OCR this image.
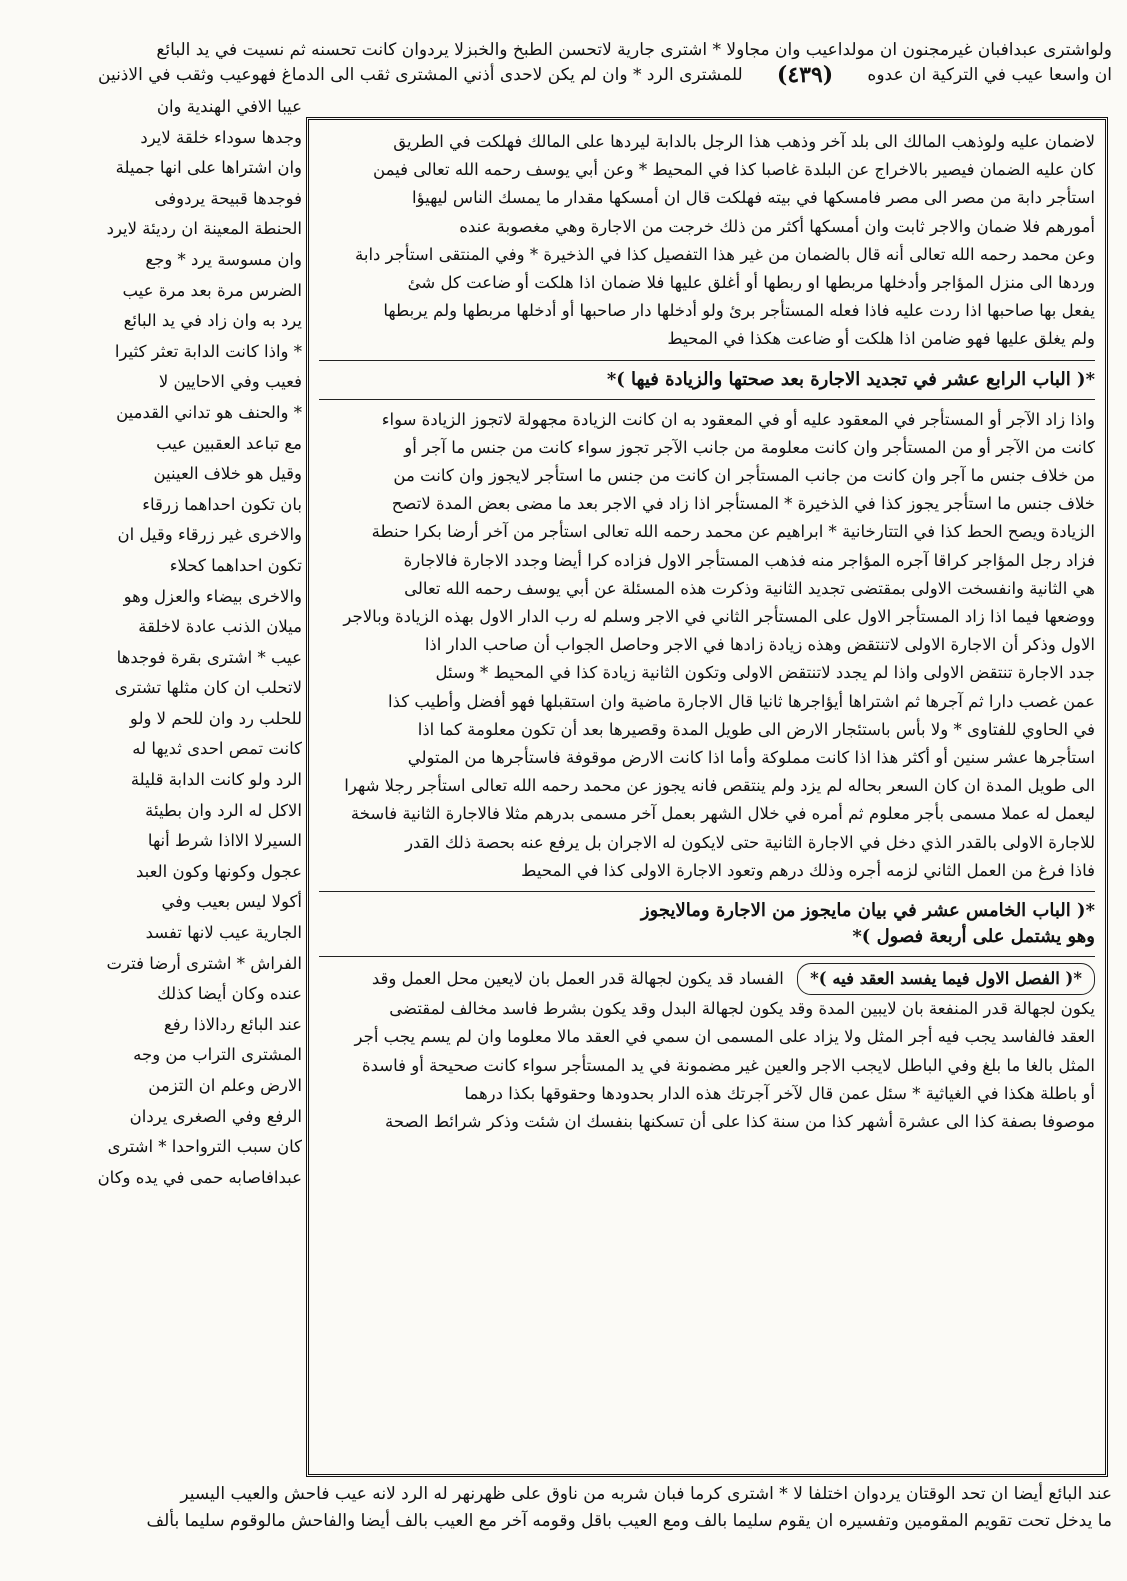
ولواشترى عبدافبان غيرمجنون ان مولداعيب وان مجاولا * اشترى جارية لاتحسن الطبخ والخبزلا يردوان كانت تحسنه ثم نسيت في يد البائع
للمشترى الرد * وان لم يكن لاحدى أذني المشترى ثقب الى الدماغ فهوعيب وثقب في الاذنين	(٤٣٩)	ان واسعا عيب في التركية ان عدوه
عيبا الافي الهندية وان
وجدها سوداء خلقة لايرد
وان اشتراها على انها جميلة
فوجدها قبيحة يردوفى
الحنطة المعينة ان رديئة لايرد
وان مسوسة يرد * وجع
الضرس مرة بعد مرة عيب
يرد به وان زاد في يد البائع
* واذا كانت الدابة تعثر كثيرا
فعيب وفي الاحايين لا
* والحنف هو تداني القدمين
مع تباعد العقبين عيب
وقيل هو خلاف العينين
بان تكون احداهما زرقاء
والاخرى غير زرقاء وقيل ان
تكون احداهما كحلاء
والاخرى بيضاء والعزل وهو
ميلان الذنب عادة لاخلقة
عيب * اشترى بقرة فوجدها
لاتحلب ان كان مثلها تشترى
للحلب رد وان للحم لا ولو
كانت تمص احدى ثديها له
الرد ولو كانت الدابة قليلة
الاكل له الرد وان بطيئة
السيرلا الااذا شرط أنها
عجول وكونها وكون العبد
أكولا ليس بعيب وفي
الجارية عيب لانها تفسد
الفراش * اشترى أرضا فترت
عنده وكان أيضا كذلك
عند البائع ردالاذا رفع
المشترى التراب من وجه
الارض وعلم ان التزمن
الرفع وفي الصغرى يردان
كان سبب الترواحدا * اشترى
عبدافاصابه حمى في يده وكان
لاضمان عليه ولوذهب المالك الى بلد آخر وذهب هذا الرجل بالدابة ليردها على المالك فهلكت في الطريق
كان عليه الضمان فيصير بالاخراج عن البلدة غاصبا كذا في المحيط * وعن أبي يوسف رحمه الله تعالى فيمن
استأجر دابة من مصر الى مصر فامسكها في بيته فهلكت قال ان أمسكها مقدار ما يمسك الناس ليهيؤا
أمورهم فلا ضمان والاجر ثابت وان أمسكها أكثر من ذلك خرجت من الاجارة وهي مغصوبة عنده
وعن محمد رحمه الله تعالى أنه قال بالضمان من غير هذا التفصيل كذا في الذخيرة * وفي المنتقى استأجر دابة
وردها الى منزل المؤاجر وأدخلها مربطها او ربطها أو أغلق عليها فلا ضمان اذا هلكت أو ضاعت كل شئ
يفعل بها صاحبها اذا ردت عليه فاذا فعله المستأجر برئ ولو أدخلها دار صاحبها أو أدخلها مربطها ولم يربطها
ولم يغلق عليها فهو ضامن اذا هلكت أو ضاعت هكذا في المحيط
*( الباب الرابع عشر في تجديد الاجارة بعد صحتها والزيادة فيها )*
واذا زاد الآجر أو المستأجر في المعقود عليه أو في المعقود به ان كانت الزيادة مجهولة لاتجوز الزيادة سواء
كانت من الآجر أو من المستأجر وان كانت معلومة من جانب الآجر تجوز سواء كانت من جنس ما آجر أو
من خلاف جنس ما آجر وان كانت من جانب المستأجر ان كانت من جنس ما استأجر لايجوز وان كانت من
خلاف جنس ما استأجر يجوز كذا في الذخيرة * المستأجر اذا زاد في الاجر بعد ما مضى بعض المدة لاتصح
الزيادة ويصح الحط كذا في التتارخانية * ابراهيم عن محمد رحمه الله تعالى استأجر من آخر أرضا بكرا حنطة
فزاد رجل المؤاجر كراقا آجره المؤاجر منه فذهب المستأجر الاول فزاده كرا أيضا وجدد الاجارة فالاجارة
هي الثانية وانفسخت الاولى بمقتضى تجديد الثانية وذكرت هذه المسئلة عن أبي يوسف رحمه الله تعالى
ووضعها فيما اذا زاد المستأجر الاول على المستأجر الثاني في الاجر وسلم له رب الدار الاول بهذه الزيادة وبالاجر
الاول وذكر أن الاجارة الاولى لاتنتقض وهذه زيادة زادها في الاجر وحاصل الجواب أن صاحب الدار اذا
جدد الاجارة تنتقض الاولى واذا لم يجدد لاتنتقض الاولى وتكون الثانية زيادة كذا في المحيط * وسئل
عمن غصب دارا ثم آجرها ثم اشتراها أيؤاجرها ثانيا قال الاجارة ماضية وان استقبلها فهو أفضل وأطيب كذا
في الحاوي للفتاوى * ولا بأس باستئجار الارض الى طويل المدة وقصيرها بعد أن تكون معلومة كما اذا
استأجرها عشر سنين أو أكثر هذا اذا كانت مملوكة وأما اذا كانت الارض موقوفة فاستأجرها من المتولي
الى طويل المدة ان كان السعر بحاله لم يزد ولم ينتقص فانه يجوز عن محمد رحمه الله تعالى استأجر رجلا شهرا
ليعمل له عملا مسمى بأجر معلوم ثم أمره في خلال الشهر بعمل آخر مسمى بدرهم مثلا فالاجارة الثانية فاسخة
للاجارة الاولى بالقدر الذي دخل في الاجارة الثانية حتى لايكون له الاجران بل يرفع عنه بحصة ذلك القدر
فاذا فرغ من العمل الثاني لزمه أجره وذلك درهم وتعود الاجارة الاولى كذا في المحيط
*( الباب الخامس عشر في بيان مايجوز من الاجارة ومالايجوز
وهو يشتمل على أربعة فصول )*
*( الفصل الاول فيما يفسد العقد فيه )* الفساد قد يكون لجهالة قدر العمل بان لايعين محل العمل وقد
يكون لجهالة قدر المنفعة بان لايبين المدة وقد يكون لجهالة البدل وقد يكون بشرط فاسد مخالف لمقتضى
العقد فالفاسد يجب فيه أجر المثل ولا يزاد على المسمى ان سمي في العقد مالا معلوما وان لم يسم يجب أجر
المثل بالغا ما بلغ وفي الباطل لايجب الاجر والعين غير مضمونة في يد المستأجر سواء كانت صحيحة أو فاسدة
أو باطلة هكذا في الغياثية * سئل عمن قال لآخر آجرتك هذه الدار بحدودها وحقوقها بكذا درهما
موصوفا بصفة كذا الى عشرة أشهر كذا من سنة كذا على أن تسكنها بنفسك ان شئت وذكر شرائط الصحة
عند البائع أيضا ان تحد الوقتان يردوان اختلفا لا * اشترى كرما فبان شربه من ناوق على ظهرنهر له الرد لانه عيب فاحش والعيب اليسير
ما يدخل تحت تقويم المقومين وتفسيره ان يقوم سليما بالف ومع العيب باقل وقومه آخر مع العيب بالف أيضا والفاحش مالوقوم سليما بألف
